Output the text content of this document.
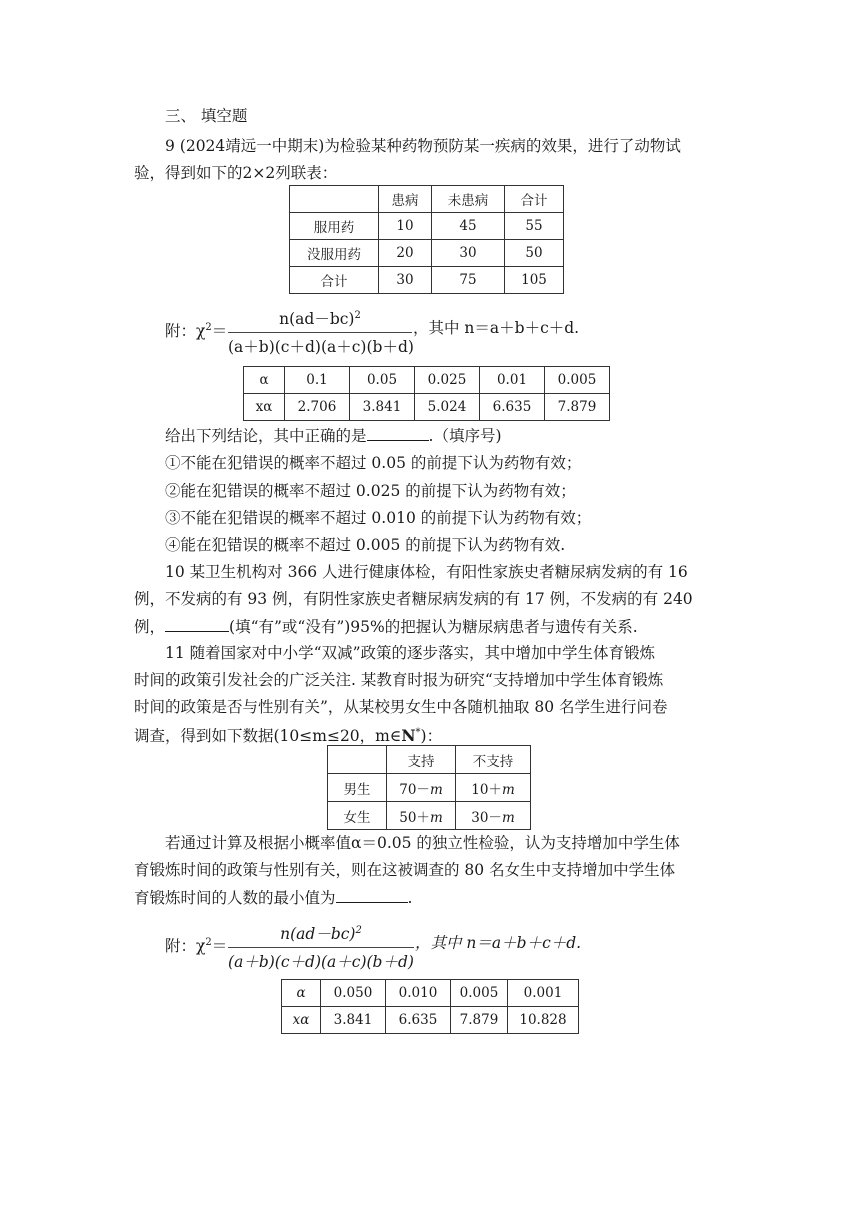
三、 填空题
9 (2024靖远一中期末)为检验某种药物预防某一疾病的效果，进行了动物试
验，得到如下的2×2列联表：
	患病	未患病	合计
服用药	10	45	55
没服用药	20	30	50
合计	30	75	105
附：$\chi^2=$
$n(ad-bc)^2$
(a＋b)(c＋d)(a＋c)(b＋d)
，其中 n＝a＋b＋c＋d.
α	0.1	0.05	0.025	0.01	0.005
xα	2.706	3.841	5.024	6.635	7.879
给出下列结论，其中正确的是	.（填序号)
①不能在犯错误的概率不超过 0.05 的前提下认为药物有效；
②能在犯错误的概率不超过 0.025 的前提下认为药物有效；
③不能在犯错误的概率不超过 0.010 的前提下认为药物有效；
④能在犯错误的概率不超过 0.005 的前提下认为药物有效.
10 某卫生机构对 366 人进行健康体检，有阳性家族史者糖尿病发病的有 16
例，不发病的有 93 例，有阴性家族史者糖尿病发病的有 17 例，不发病的有 240
例，	(填“有”或“没有”)95%的把握认为糖尿病患者与遗传有关系.
11 随着国家对中小学“双减”政策的逐步落实，其中增加中学生体育锻炼
时间的政策引发社会的广泛关注. 某教育时报为研究“支持增加中学生体育锻炼
时间的政策是否与性别有关”，从某校男女生中各随机抽取 80 名学生进行问卷
调查，得到如下数据(10≤m≤20，m∈N*)：
	支持	不支持
男生	70－m	10＋m
女生	50＋m	30－m
若通过计算及根据小概率值α＝0.05 的独立性检验，认为支持增加中学生体
育锻炼时间的政策与性别有关，则在这被调查的 80 名女生中支持增加中学生体
育锻炼时间的人数的最小值为	.
附：$\chi^2=$
$n(ad-bc)^2$
(a＋b)(c＋d)(a＋c)(b＋d)
，其中 n＝a＋b＋c＋d.
α	0.050	0.010	0.005	0.001
xα	3.841	6.635	7.879	10.828
